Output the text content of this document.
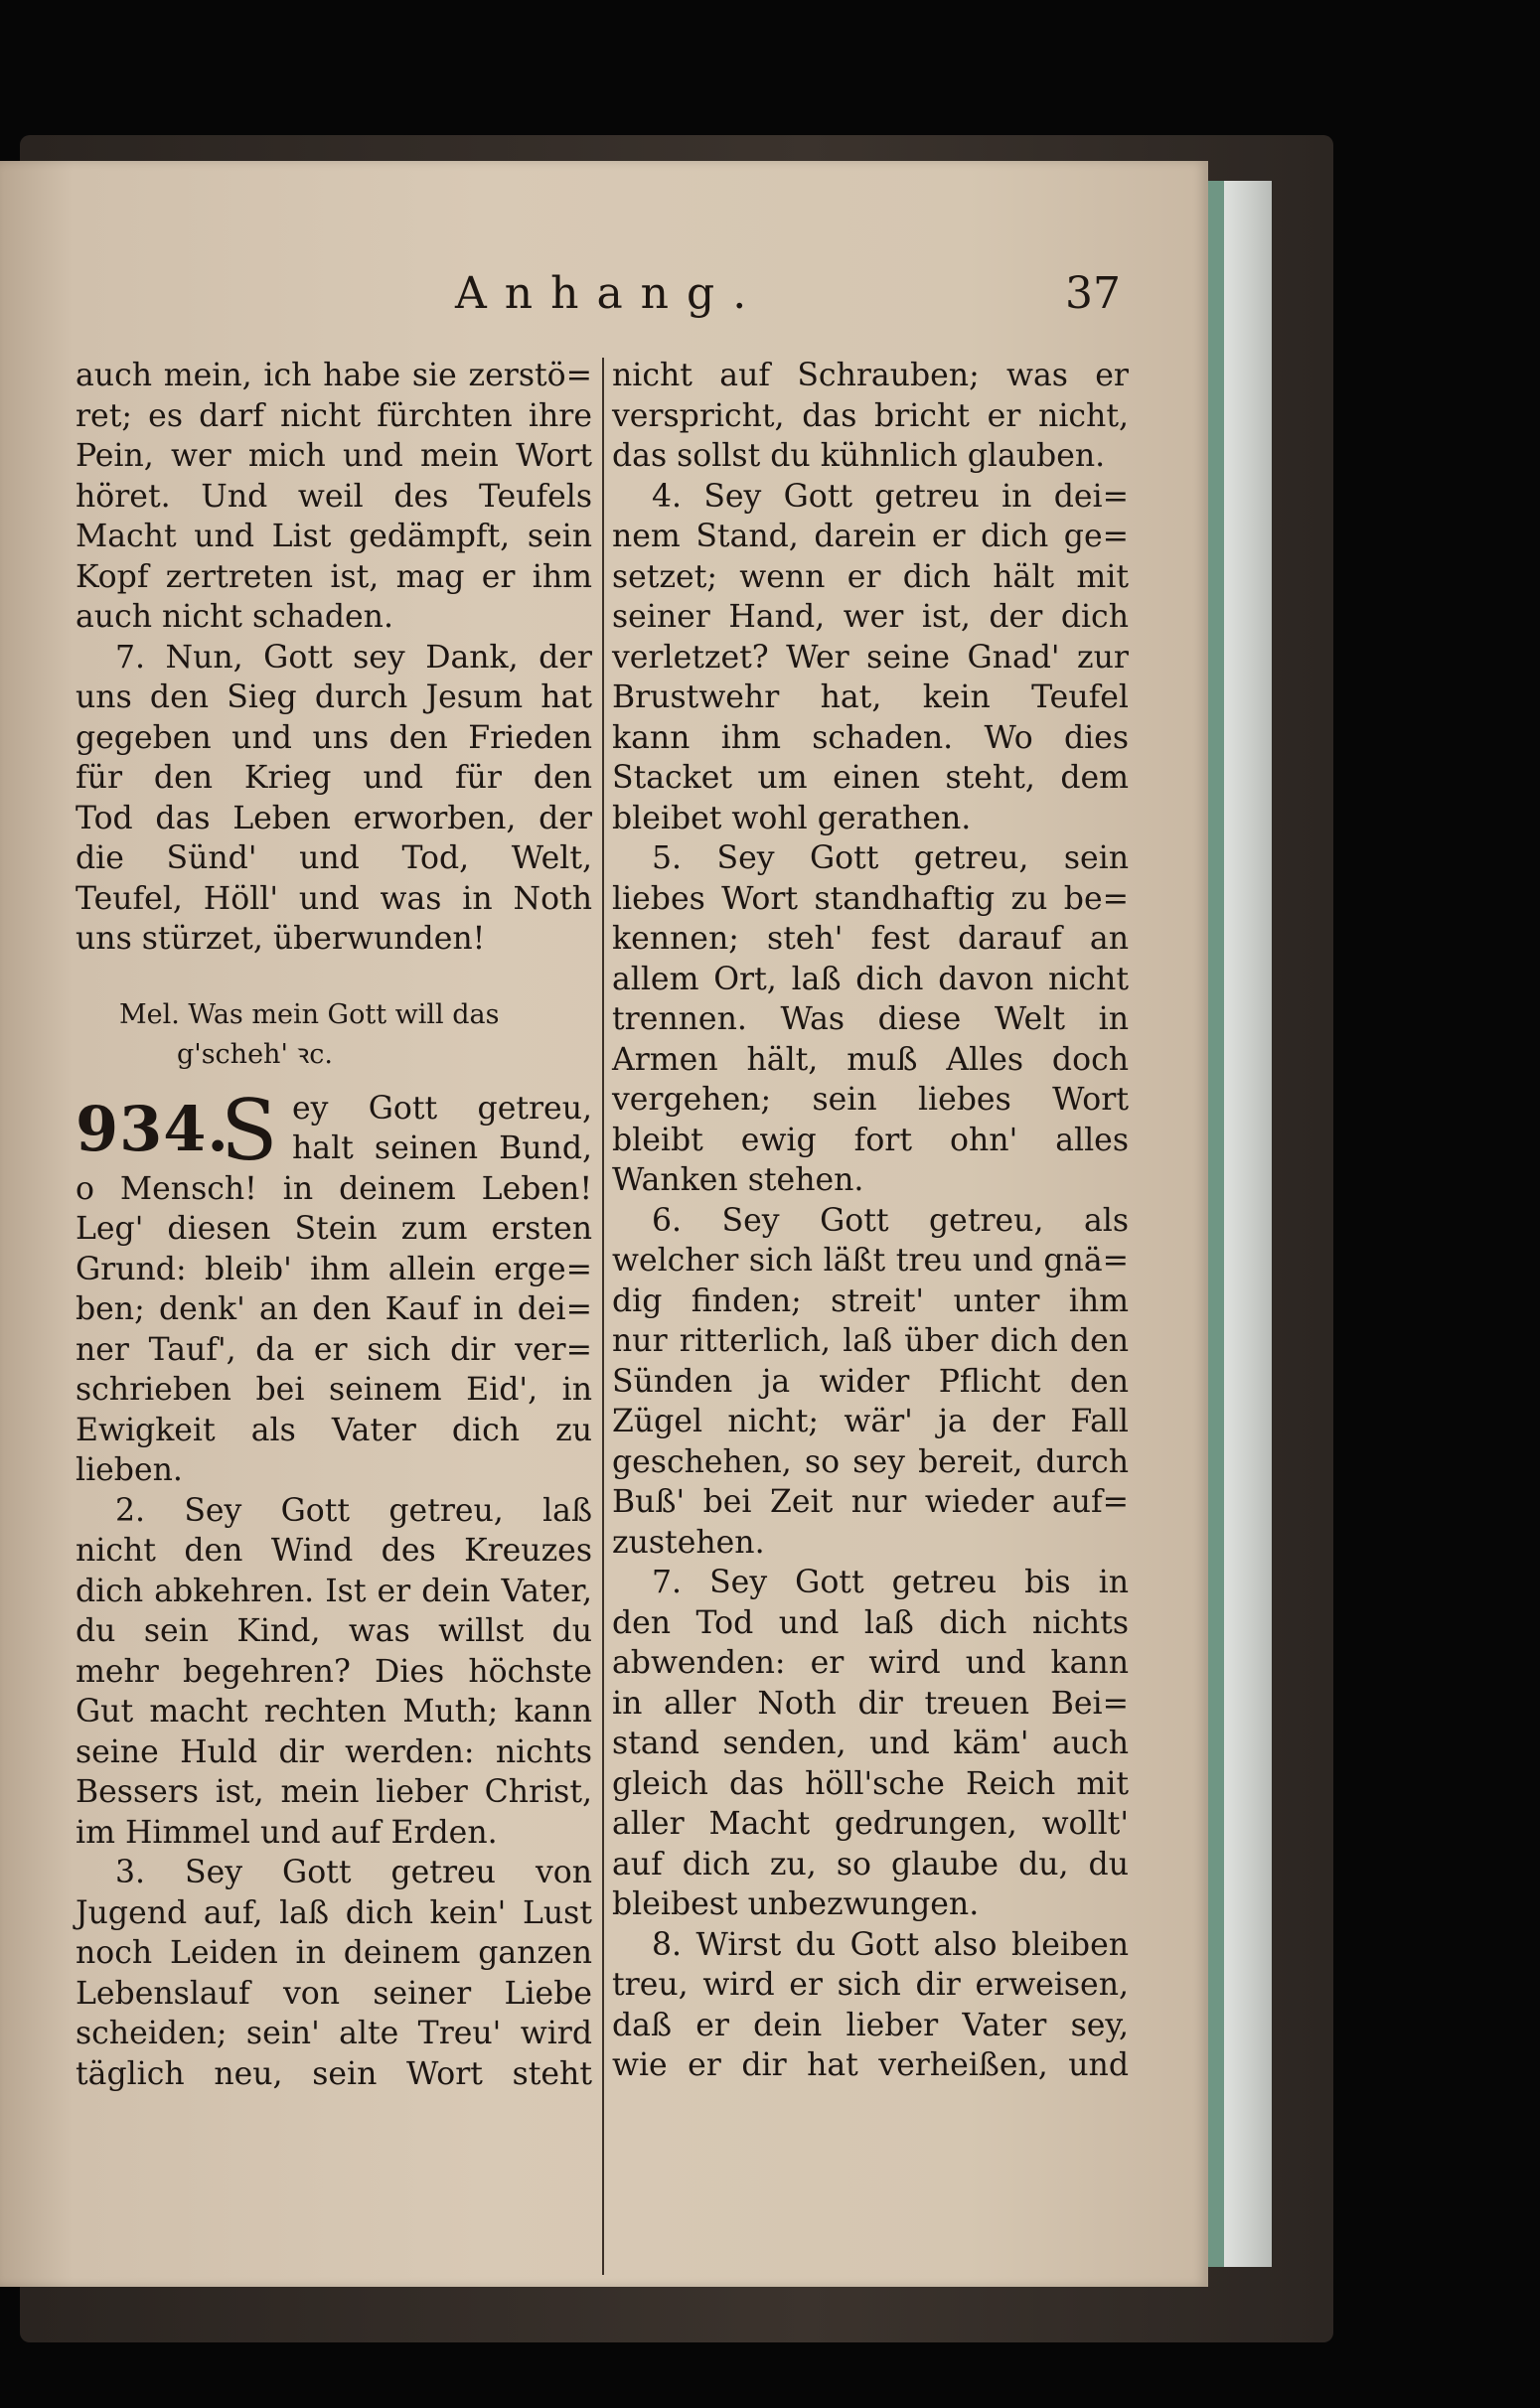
Anhang.	37
auch mein, ich habe sie zerstö=
ret; es darf nicht fürchten ihre
Pein, wer mich und mein Wort
höret. Und weil des Teufels
Macht und List gedämpft, sein
Kopf zertreten ist, mag er ihm
auch nicht schaden.
7. Nun, Gott sey Dank, der
uns den Sieg durch Jesum hat
gegeben und uns den Frieden
für den Krieg und für den
Tod das Leben erworben, der
die Sünd' und Tod, Welt,
Teufel, Höll' und was in Noth
uns stürzet, überwunden!
Mel. Was mein Gott will das
g'scheh' ꝛc.
934.
S ey Gott getreu,
halt seinen Bund,
o Mensch! in deinem Leben!
Leg' diesen Stein zum ersten
Grund: bleib' ihm allein erge=
ben; denk' an den Kauf in dei=
ner Tauf', da er sich dir ver=
schrieben bei seinem Eid', in
Ewigkeit als Vater dich zu
lieben.
2. Sey Gott getreu, laß
nicht den Wind des Kreuzes
dich abkehren. Ist er dein Vater,
du sein Kind, was willst du
mehr begehren? Dies höchste
Gut macht rechten Muth; kann
seine Huld dir werden: nichts
Bessers ist, mein lieber Christ,
im Himmel und auf Erden.
3. Sey Gott getreu von
Jugend auf, laß dich kein' Lust
noch Leiden in deinem ganzen
Lebenslauf von seiner Liebe
scheiden; sein' alte Treu' wird
täglich neu, sein Wort steht
nicht auf Schrauben; was er
verspricht, das bricht er nicht,
das sollst du kühnlich glauben.
4. Sey Gott getreu in dei=
nem Stand, darein er dich ge=
setzet; wenn er dich hält mit
seiner Hand, wer ist, der dich
verletzet? Wer seine Gnad' zur
Brustwehr hat, kein Teufel
kann ihm schaden. Wo dies
Stacket um einen steht, dem
bleibet wohl gerathen.
5. Sey Gott getreu, sein
liebes Wort standhaftig zu be=
kennen; steh' fest darauf an
allem Ort, laß dich davon nicht
trennen. Was diese Welt in
Armen hält, muß Alles doch
vergehen; sein liebes Wort
bleibt ewig fort ohn' alles
Wanken stehen.
6. Sey Gott getreu, als
welcher sich läßt treu und gnä=
dig finden; streit' unter ihm
nur ritterlich, laß über dich den
Sünden ja wider Pflicht den
Zügel nicht; wär' ja der Fall
geschehen, so sey bereit, durch
Buß' bei Zeit nur wieder auf=
zustehen.
7. Sey Gott getreu bis in
den Tod und laß dich nichts
abwenden: er wird und kann
in aller Noth dir treuen Bei=
stand senden, und käm' auch
gleich das höll'sche Reich mit
aller Macht gedrungen, wollt'
auf dich zu, so glaube du, du
bleibest unbezwungen.
8. Wirst du Gott also bleiben
treu, wird er sich dir erweisen,
daß er dein lieber Vater sey,
wie er dir hat verheißen, und
